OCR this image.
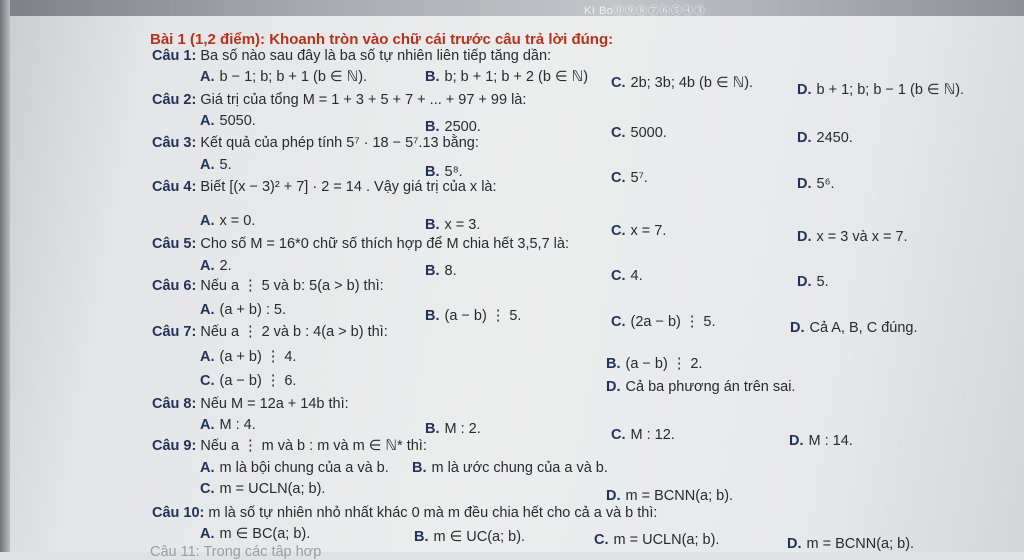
Kì Bo⓪⑨⑧⑦⑥⑤④③
Bài 1 (1,2 điểm): Khoanh tròn vào chữ cái trước câu trả lời đúng:
Câu 1: Ba số nào sau đây là ba số tự nhiên liên tiếp tăng dần:
A. b − 1; b; b + 1 (b ∈ ℕ).	B. b; b + 1; b + 2 (b ∈ ℕ) C. 2b; 3b; 4b (b ∈ ℕ).	D. b + 1; b; b − 1 (b ∈ ℕ).
Câu 2: Giá trị của tổng M = 1 + 3 + 5 + 7 + ... + 97 + 99 là:
A. 5050.	B. 2500.	C. 5000.	D. 2450.
Câu 3: Kết quả của phép tính 5⁷ · 18 − 5⁷.13 bằng:
A. 5.	B. 5⁸.	C. 5⁷.	D. 5⁶.
Câu 4: Biết [(x − 3)² + 7] · 2 = 14 . Vậy giá trị của x là:
A. x = 0.	B. x = 3.	C. x = 7.	D. x = 3 và x = 7.
Câu 5: Cho số M = 16*0 chữ số thích hợp để M chia hết 3,5,7 là:
A. 2.	B. 8.	C. 4.	D. 5.
Câu 6: Nếu a ⋮ 5 và b: 5(a > b) thì:
A. (a + b) : 5.	B. (a − b) ⋮ 5.	C. (2a − b) ⋮ 5.	D. Cả A, B, C đúng.
Câu 7: Nếu a ⋮ 2 và b : 4(a > b) thì:
A. (a + b) ⋮ 4.	B. (a − b) ⋮ 2.
C. (a − b) ⋮ 6.	D. Cả ba phương án trên sai.
Câu 8: Nếu M = 12a + 14b thì:
A. M : 4.	B. M : 2.	C. M : 12.	D. M : 14.
Câu 9: Nếu a ⋮ m và b : m và m ∈ ℕ* thì:
A. m là bội chung của a và b. B. m là ước chung của a và b.
C. m = UCLN(a; b).	D. m = BCNN(a; b).
Câu 10: m là số tự nhiên nhỏ nhất khác 0 mà m đều chia hết cho cả a và b thì:
A. m ∈ BC(a; b).	B. m ∈ UC(a; b).	C. m = UCLN(a; b).	D. m = BCNN(a; b).
Câu 11: Trong các tâp hơp
